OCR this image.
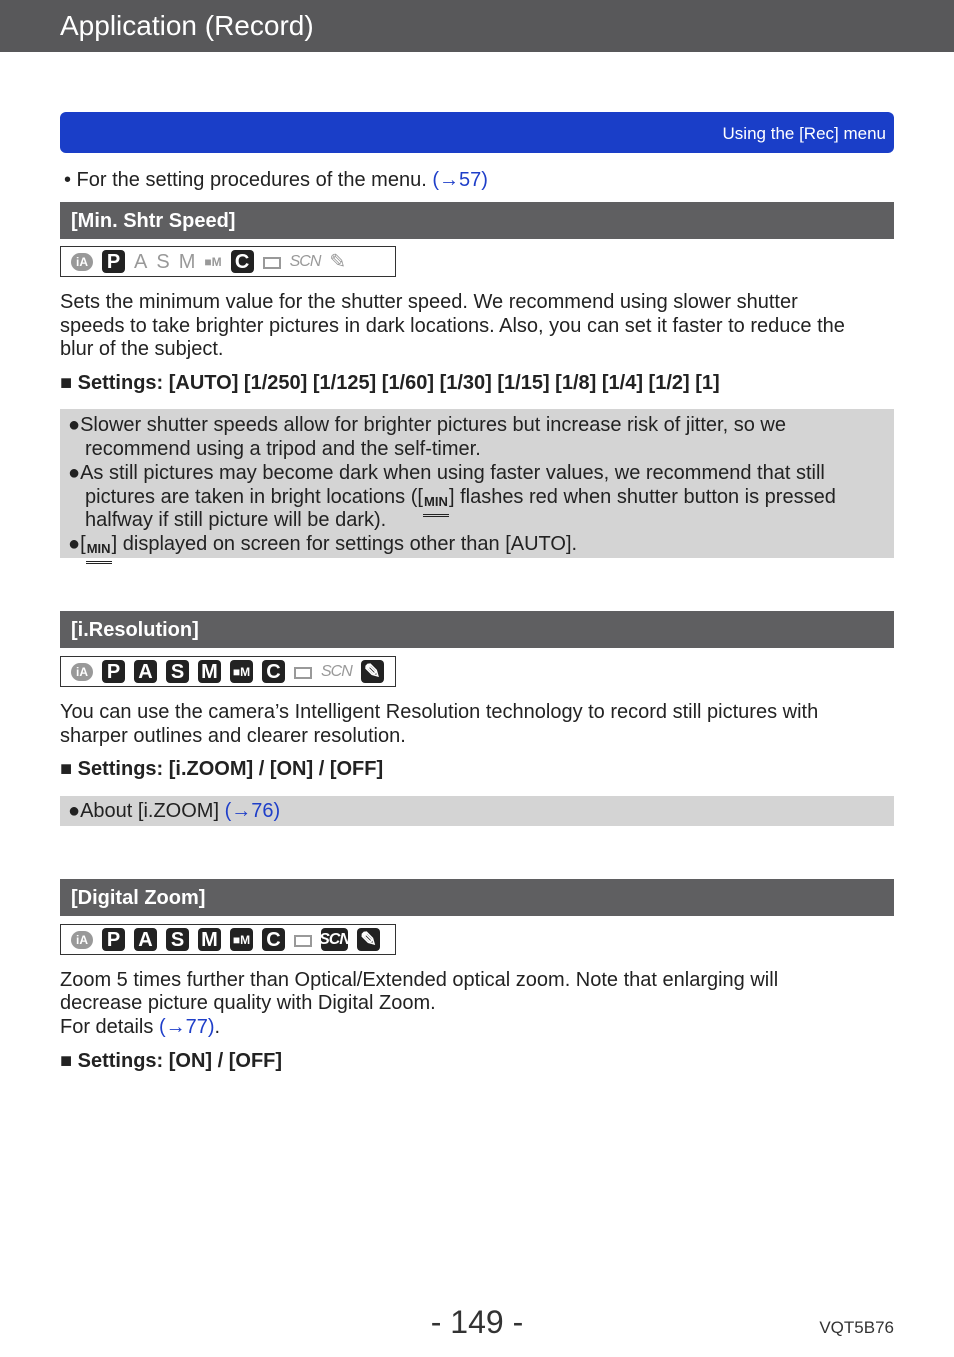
Application (Record)
Using the [Rec] menu
• For the setting procedures of the menu. (→57)
[Min. Shtr Speed]
iA P A S M ■ M C	SCN ✎
Sets the minimum value for the shutter speed. We recommend using slower shutter
speeds to take brighter pictures in dark locations. Also, you can set it faster to reduce the
blur of the subject.
■ Settings: [AUTO] [1/250] [1/125] [1/60] [1/30] [1/15] [1/8] [1/4] [1/2] [1]
●Slower shutter speeds allow for brighter pictures but increase risk of jitter, so we
recommend using a tripod and the self-timer.
●As still pictures may become dark when using faster values, we recommend that still
pictures are taken in bright locations ([MIN] flashes red when shutter button is pressed
halfway if still picture will be dark).
●[MIN] displayed on screen for settings other than [AUTO].
[i.Resolution]
iA P A S M ■ M C	SCN ✎
You can use the camera’s Intelligent Resolution technology to record still pictures with
sharper outlines and clearer resolution.
■ Settings: [i.ZOOM] / [ON] / [OFF]
●About [i.ZOOM] (→76)
[Digital Zoom]
iA P A S M ■ M C SCN ✎
Zoom 5 times further than Optical/Extended optical zoom. Note that enlarging will
decrease picture quality with Digital Zoom.
For details (→77).
■ Settings: [ON] / [OFF]
- 149 -	VQT5B76
